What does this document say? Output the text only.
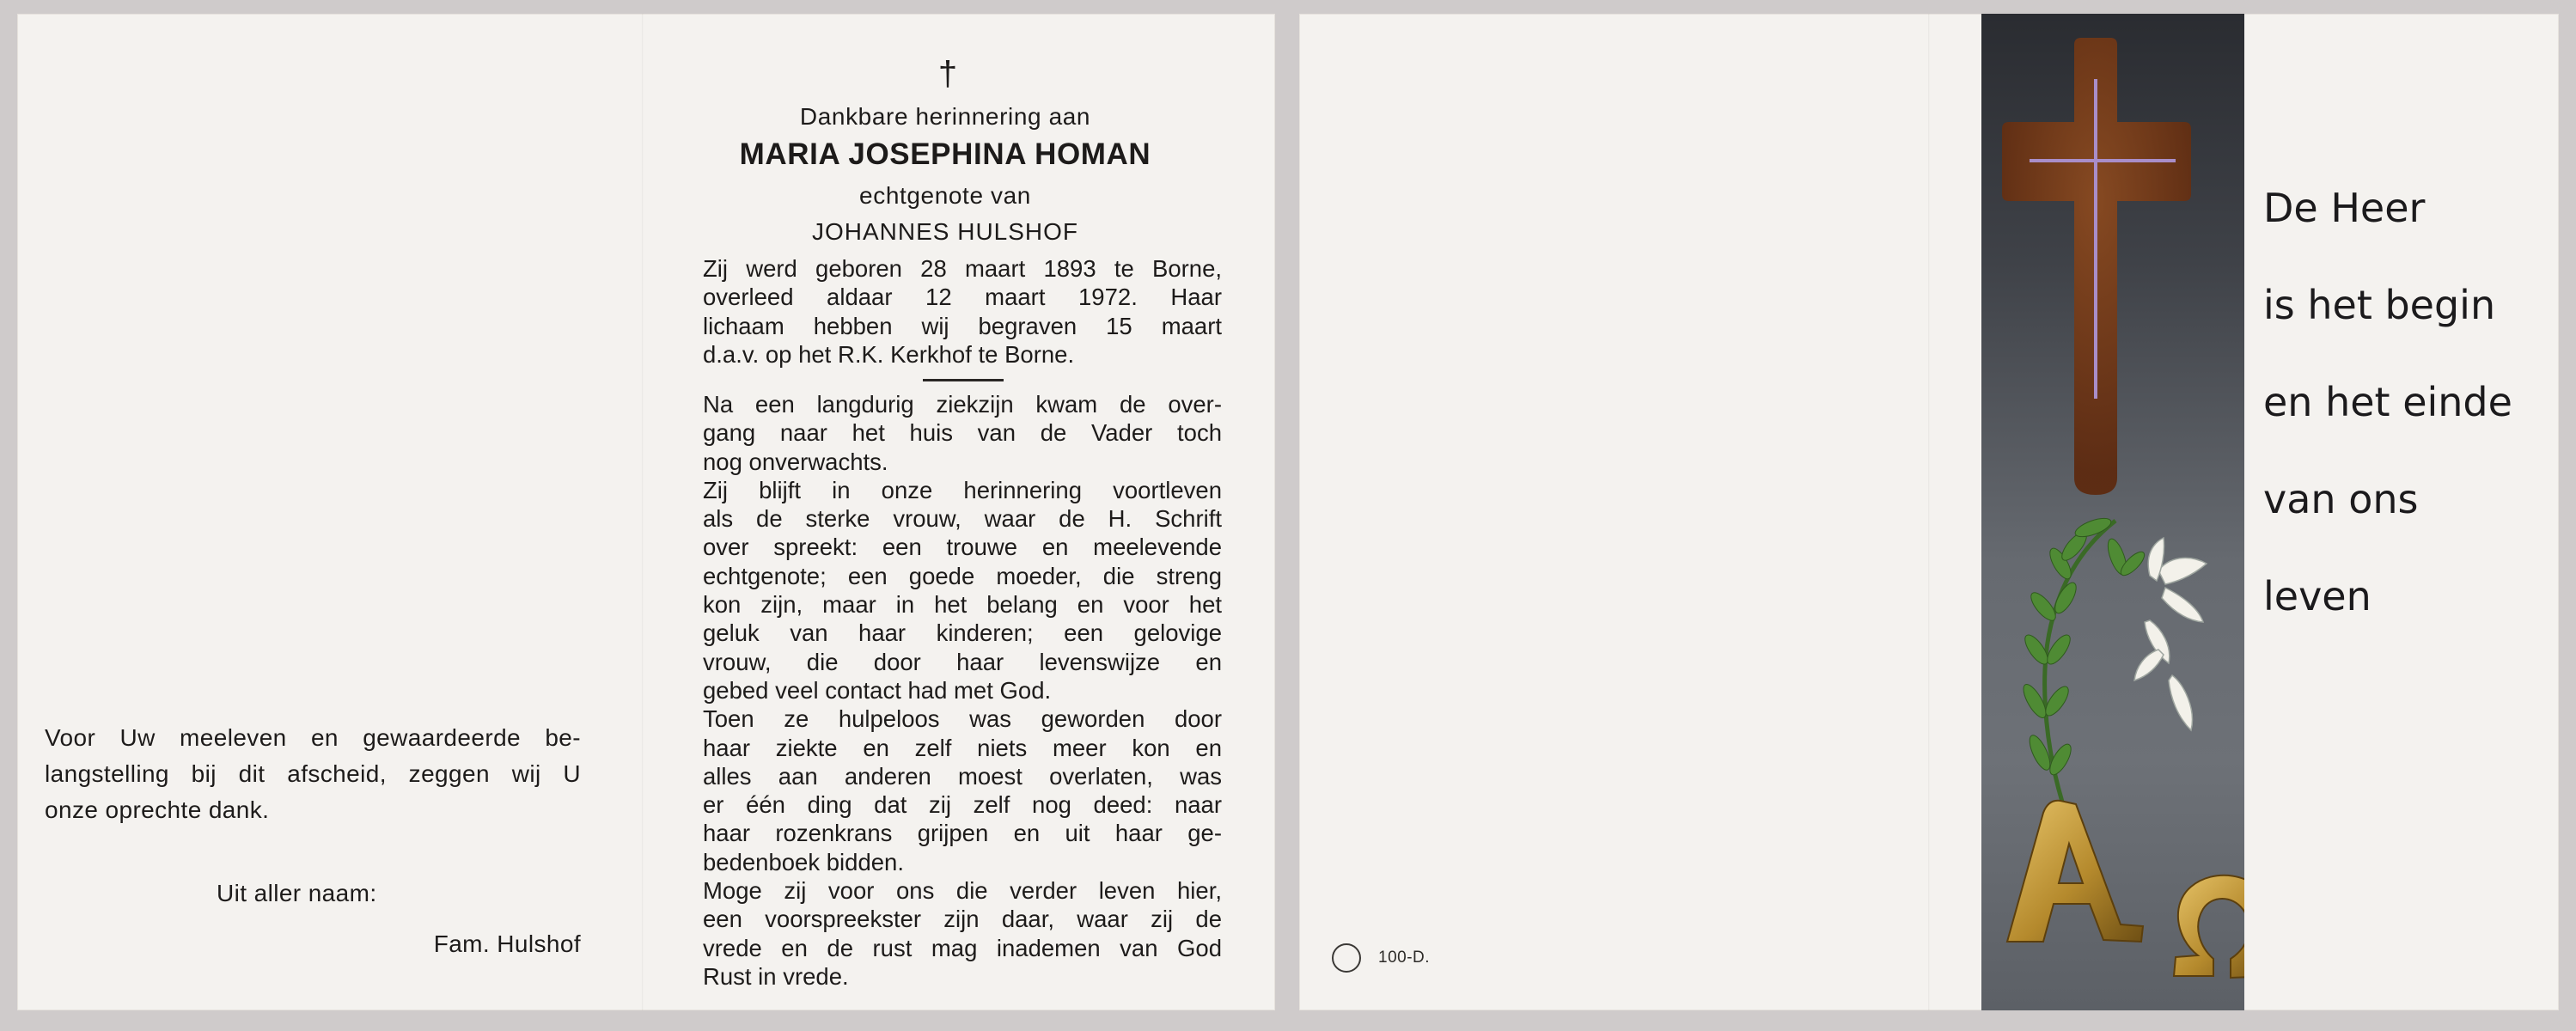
Voor Uw meeleven en gewaardeerde be-
langstelling bij dit afscheid, zeggen wij U
onze oprechte dank.
Uit aller naam:
Fam. Hulshof
†
Dankbare herinnering aan
MARIA JOSEPHINA HOMAN
echtgenote van
JOHANNES HULSHOF
Zij werd geboren 28 maart 1893 te Borne,
overleed aldaar 12 maart 1972. Haar
lichaam hebben wij begraven 15 maart
d.a.v. op het R.K. Kerkhof te Borne.
Na een langdurig ziekzijn kwam de over-
gang naar het huis van de Vader toch
nog onverwachts.
Zij blijft in onze herinnering voortleven
als de sterke vrouw, waar de H. Schrift
over spreekt: een trouwe en meelevende
echtgenote; een goede moeder, die streng
kon zijn, maar in het belang en voor het
geluk van haar kinderen; een gelovige
vrouw, die door haar levenswijze en
gebed veel contact had met God.
Toen ze hulpeloos was geworden door
haar ziekte en zelf niets meer kon en
alles aan anderen moest overlaten, was
er één ding dat zij zelf nog deed: naar
haar rozenkrans grijpen en uit haar ge-
bedenboek bidden.
Moge zij voor ons die verder leven hier,
een voorspreekster zijn daar, waar zij de
vrede en de rust mag inademen van God
Rust in vrede.
De Heer
is het begin
en het einde
van ons
leven
100-D.
